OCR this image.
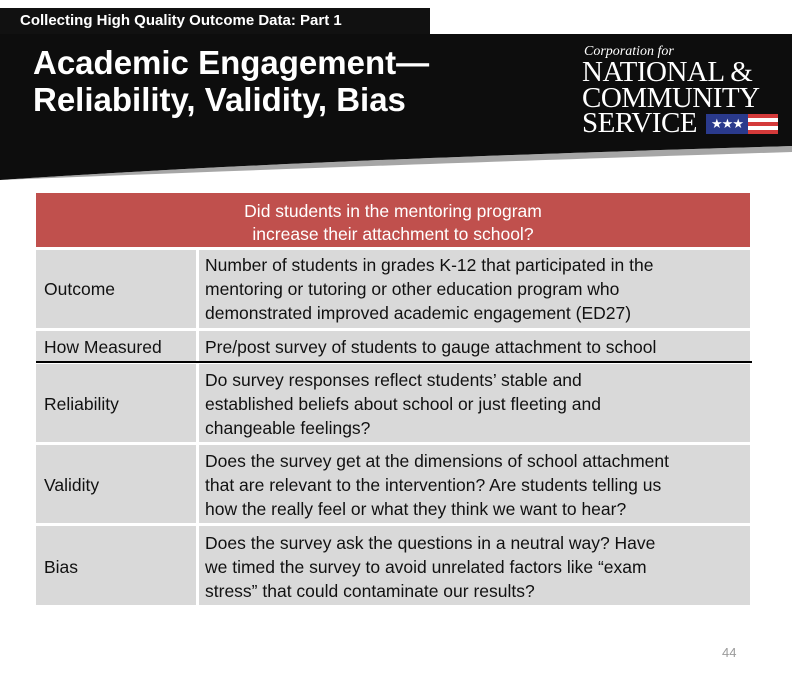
Collecting High Quality Outcome Data: Part 1
Academic Engagement—
Reliability, Validity, Bias
Corporation for
NATIONAL &
COMMUNITY
SERVICE	★★★
Did students in the mentoring program
increase their attachment to school?
Outcome
Number of students in grades K-12 that participated in the
mentoring or tutoring or other education program who
demonstrated improved academic engagement (ED27)
How Measured Pre/post survey of students to gauge attachment to school
Reliability
Do survey responses reflect students’ stable and
established beliefs about school or just fleeting and
changeable feelings?
Validity
Does the survey get at the dimensions of school attachment
that are relevant to the intervention? Are students telling us
how the really feel or what they think we want to hear?
Bias
Does the survey ask the questions in a neutral way? Have
we timed the survey to avoid unrelated factors like “exam
stress” that could contaminate our results?
44
